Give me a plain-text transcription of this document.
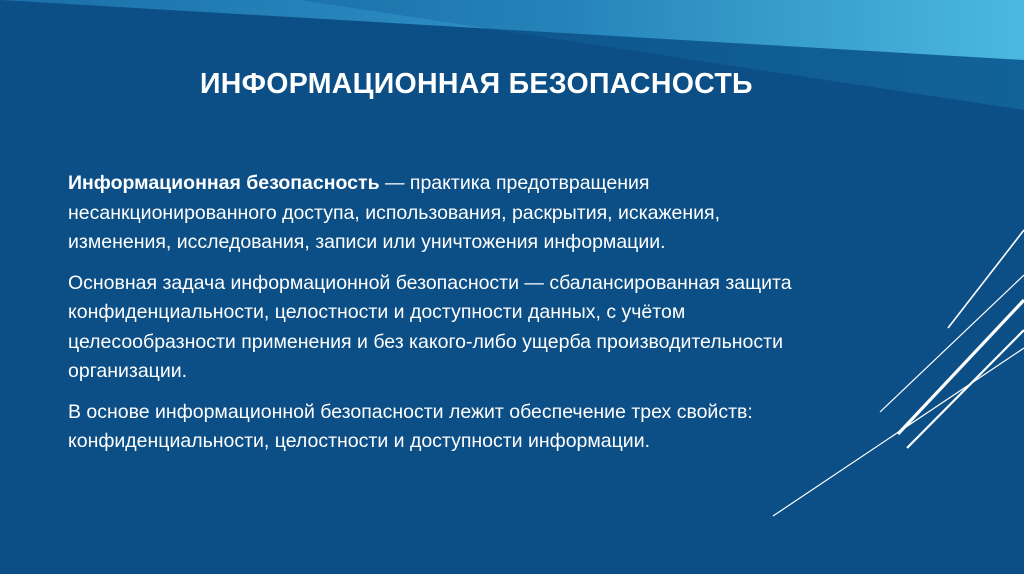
ИНФОРМАЦИОННАЯ БЕЗОПАСНОСТЬ

Информационная безопасность — практика предотвращения
несанкционированного доступа, использования, раскрытия, искажения,
изменения, исследования, записи или уничтожения информации.

Основная задача информационной безопасности — сбалансированная защита
конфиденциальности, целостности и доступности данных, с учётом
целесообразности применения и без какого-либо ущерба производительности
организации.

В основе информационной безопасности лежит обеспечение трех свойств:
конфиденциальности, целостности и доступности информации.
